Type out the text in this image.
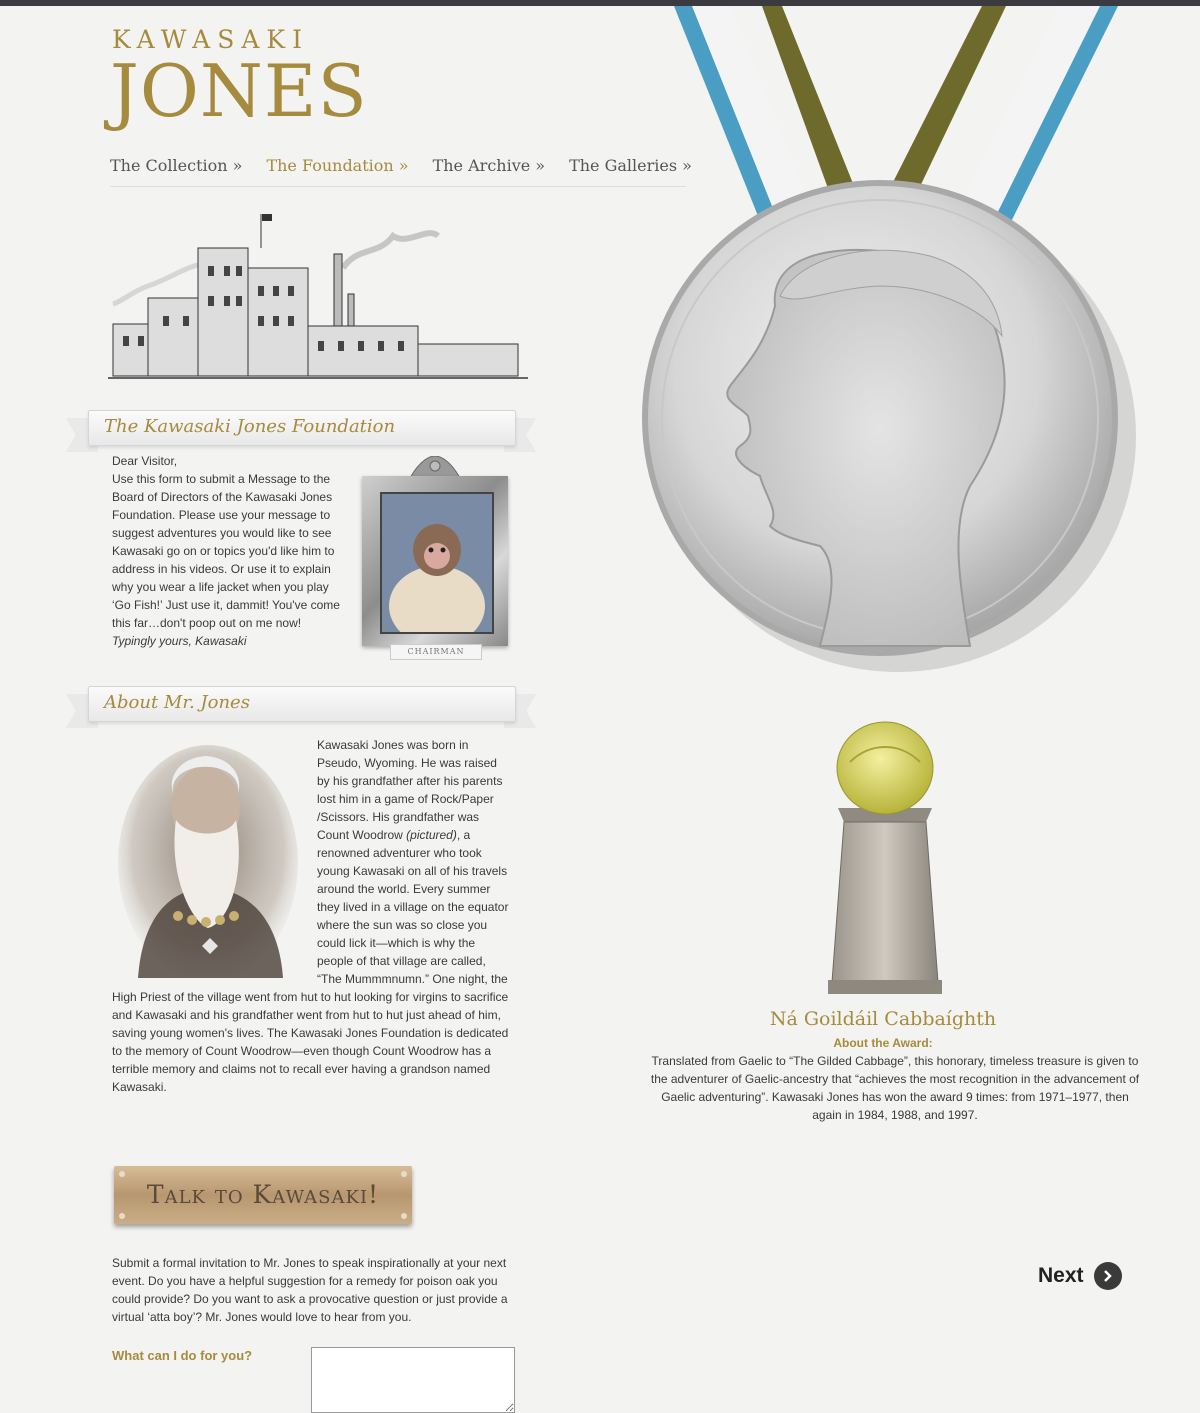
KAWASAKI
JONES
The Collection » The Foundation » The Archive » The Galleries »
The Kawasaki Jones Foundation
Dear Visitor,
Use this form to submit a Message to the Board of Directors of the Kawasaki Jones Foundation. Please use your message to suggest adventures you would like to see Kawasaki go on or topics you'd like him to address in his videos. Or use it to explain why you wear a life jacket when you play ‘Go Fish!’ Just use it, dammit! You've come this far…don't poop out on me now!
Typingly yours, Kawasaki
CHAIRMAN
About Mr. Jones
Kawasaki Jones was born in Pseudo, Wyoming. He was raised by his grandfather after his parents lost him in a game of Rock/Paper /Scissors. His grandfather was Count Woodrow (pictured), a renowned adventurer who took young Kawasaki on all of his travels around the world. Every summer they lived in a village on the equator where the sun was so close you could lick it—which is why the people of that village are called, “The Mummmnumn.” One night, the High Priest of the village went from hut to hut looking for virgins to sacrifice and Kawasaki and his grandfather went from hut to hut just ahead of him, saving young women's lives. The Kawasaki Jones Foundation is dedicated to the memory of Count Woodrow—even though Count Woodrow has a terrible memory and claims not to recall ever having a grandson named Kawasaki.
Talk to Kawasaki!
Submit a formal invitation to Mr. Jones to speak inspirationally at your next event. Do you have a helpful suggestion for a remedy for poison oak you could provide? Do you want to ask a provocative question or just provide a virtual ‘atta boy’? Mr. Jones would love to hear from you.
What can I do for you?
Ná Goildáil Cabbaíghth
About the Award:
Translated from Gaelic to “The Gilded Cabbage”, this honorary, timeless treasure is given to the adventurer of Gaelic-ancestry that “achieves the most recognition in the advancement of Gaelic adventuring”. Kawasaki Jones has won the award 9 times: from 1971–1977, then again in 1984, 1988, and 1997.
Next
